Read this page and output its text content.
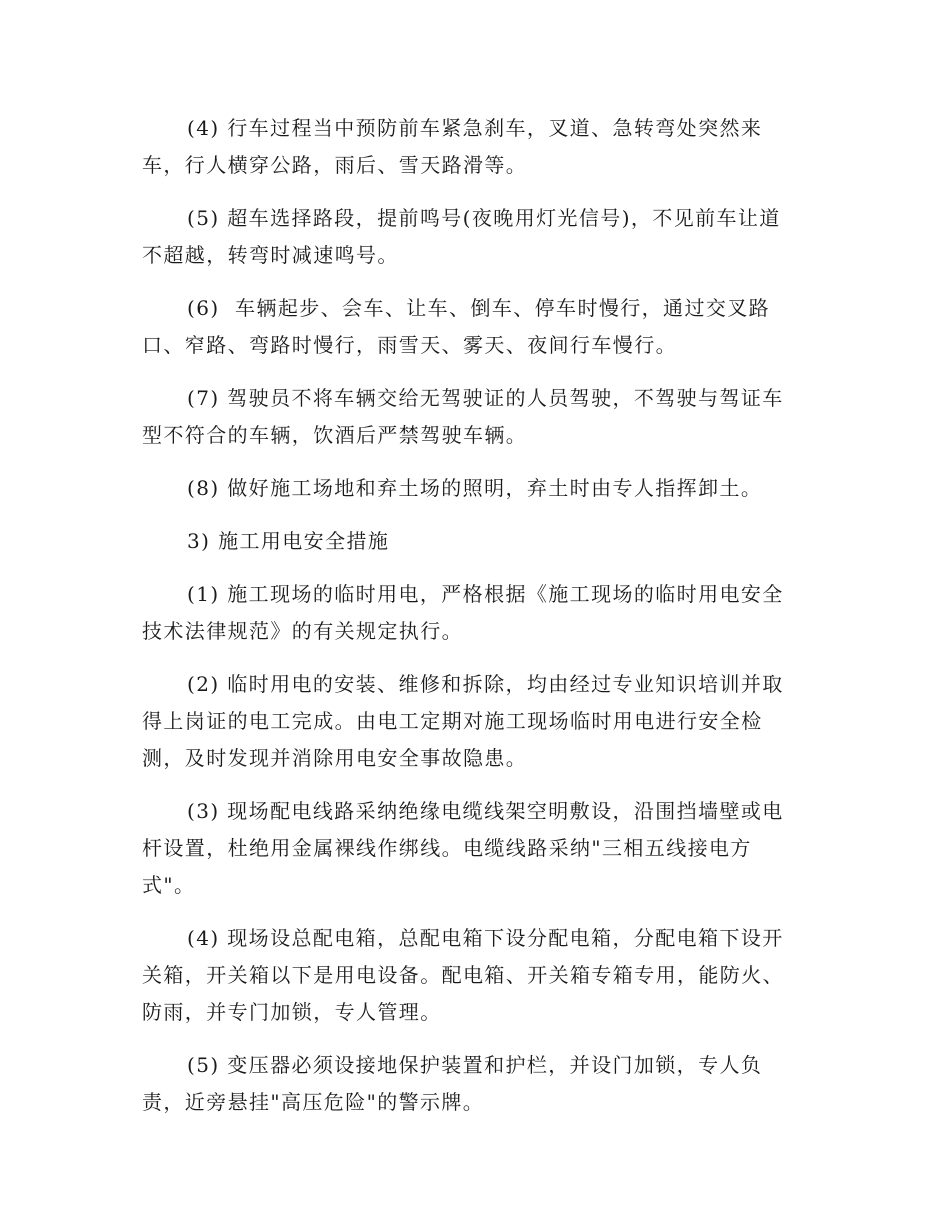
(4) 行车过程当中预防前车紧急刹车，叉道、急转弯处突然来车，行人横穿公路，雨后、雪天路滑等。

(5) 超车选择路段，提前鸣号(夜晚用灯光信号)，不见前车让道不超越，转弯时减速鸣号。

(6)  车辆起步、会车、让车、倒车、停车时慢行，通过交叉路口、窄路、弯路时慢行，雨雪天、雾天、夜间行车慢行。

(7) 驾驶员不将车辆交给无驾驶证的人员驾驶，不驾驶与驾证车型不符合的车辆，饮酒后严禁驾驶车辆。

(8) 做好施工场地和弃土场的照明，弃土时由专人指挥卸土。

3) 施工用电安全措施

(1) 施工现场的临时用电，严格根据《施工现场的临时用电安全技术法律规范》的有关规定执行。

(2) 临时用电的安装、维修和拆除，均由经过专业知识培训并取得上岗证的电工完成。由电工定期对施工现场临时用电进行安全检测，及时发现并消除用电安全事故隐患。

(3) 现场配电线路采纳绝缘电缆线架空明敷设，沿围挡墙壁或电杆设置，杜绝用金属裸线作绑线。电缆线路采纳"三相五线接电方式"。

(4) 现场设总配电箱，总配电箱下设分配电箱，分配电箱下设开关箱，开关箱以下是用电设备。配电箱、开关箱专箱专用，能防火、防雨，并专门加锁，专人管理。

(5) 变压器必须设接地保护装置和护栏，并设门加锁，专人负责，近旁悬挂"高压危险"的警示牌。
